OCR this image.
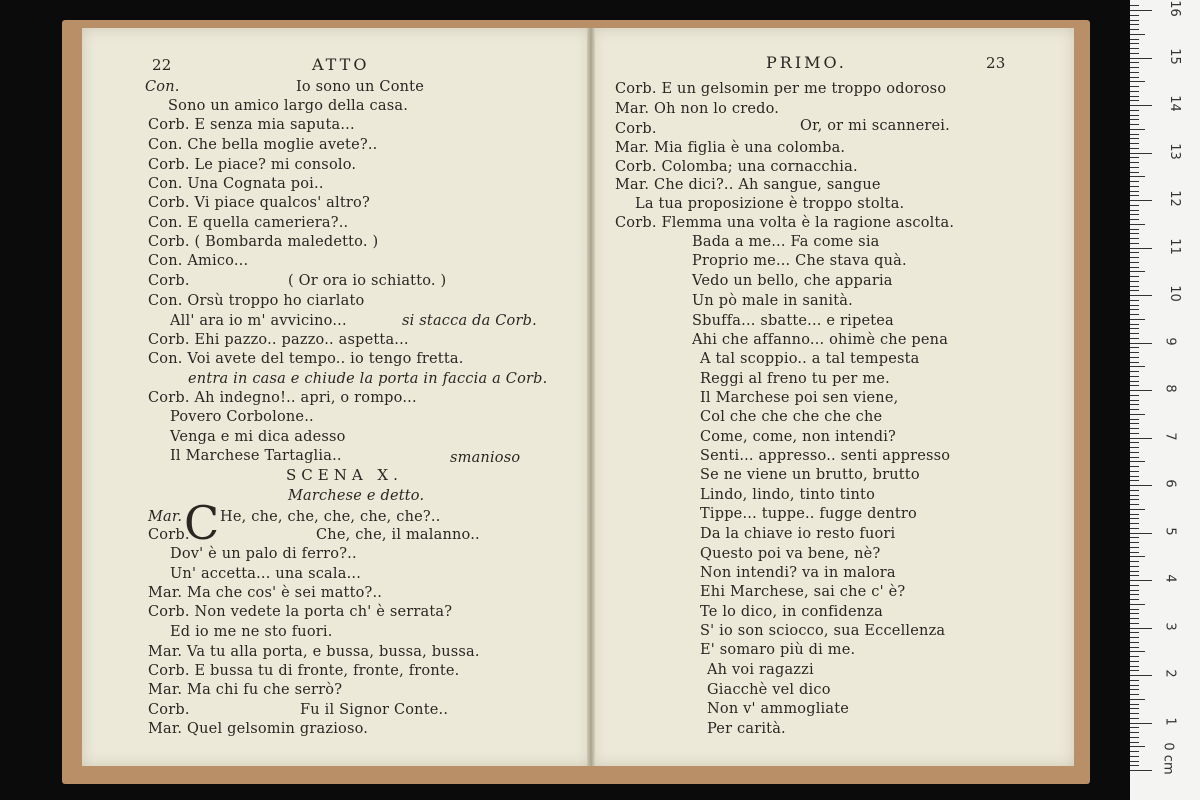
22	ATTO	PRIMO.	23
C
Con.	Io sono un Conte
Sono un amico largo della casa.
Corb. E senza mia saputa...
Con. Che bella moglie avete?..
Corb. Le piace? mi consolo.
Con. Una Cognata poi..
Corb. Vi piace qualcos' altro?
Con. E quella cameriera?..
Corb. ( Bombarda maledetto. )
Con. Amico...
Corb.	( Or ora io schiatto. )
Con. Orsù troppo ho ciarlato
All' ara io m' avvicino...	si stacca da Corb.
Corb. Ehi pazzo.. pazzo.. aspetta...
Con. Voi avete del tempo.. io tengo fretta.
entra in casa e chiude la porta in faccia a Corb.
Corb. Ah indegno!.. apri, o rompo...
Povero Corbolone..
Venga e mi dica adesso
Il Marchese Tartaglia..	smanioso
SCENA X.
Marchese e detto.
Mar.	He, che, che, che, che, che?..
Corb.	Che, che, il malanno..
Dov' è un palo di ferro?..
Un' accetta... una scala...
Mar. Ma che cos' è sei matto?..
Corb. Non vedete la porta ch' è serrata?
Ed io me ne sto fuori.
Mar. Va tu alla porta, e bussa, bussa, bussa.
Corb. E bussa tu di fronte, fronte, fronte.
Mar. Ma chi fu che serrò?
Corb.	Fu il Signor Conte..
Mar. Quel gelsomin grazioso.
Corb. E un gelsomin per me troppo odoroso
Mar. Oh non lo credo.
Corb.	Or, or mi scannerei.
Mar. Mia figlia è una colomba.
Corb. Colomba; una cornacchia.
Mar. Che dici?.. Ah sangue, sangue
La tua proposizione è troppo stolta.
Corb. Flemma una volta è la ragione ascolta.
Bada a me... Fa come sia
Proprio me... Che stava quà.
Vedo un bello, che apparia
Un pò male in sanità.
Sbuffa... sbatte... e ripetea
Ahi che affanno... ohimè che pena
A tal scoppio.. a tal tempesta
Reggi al freno tu per me.
Il Marchese poi sen viene,
Col che che che che che
Come, come, non intendi?
Senti... appresso.. senti appresso
Se ne viene un brutto, brutto
Lindo, lindo, tinto tinto
Tippe... tuppe.. fugge dentro
Da la chiave io resto fuori
Questo poi va bene, nè?
Non intendi? va in malora
Ehi Marchese, sai che c' è?
Te lo dico, in confidenza
S' io son sciocco, sua Eccellenza
E' somaro più di me.
Ah voi ragazzi
Giacchè vel dico
Non v' ammogliate
Per carità.
0 cm
1
2
3
4
5
6
7
8
9
10
11
12
13
14
15
16
